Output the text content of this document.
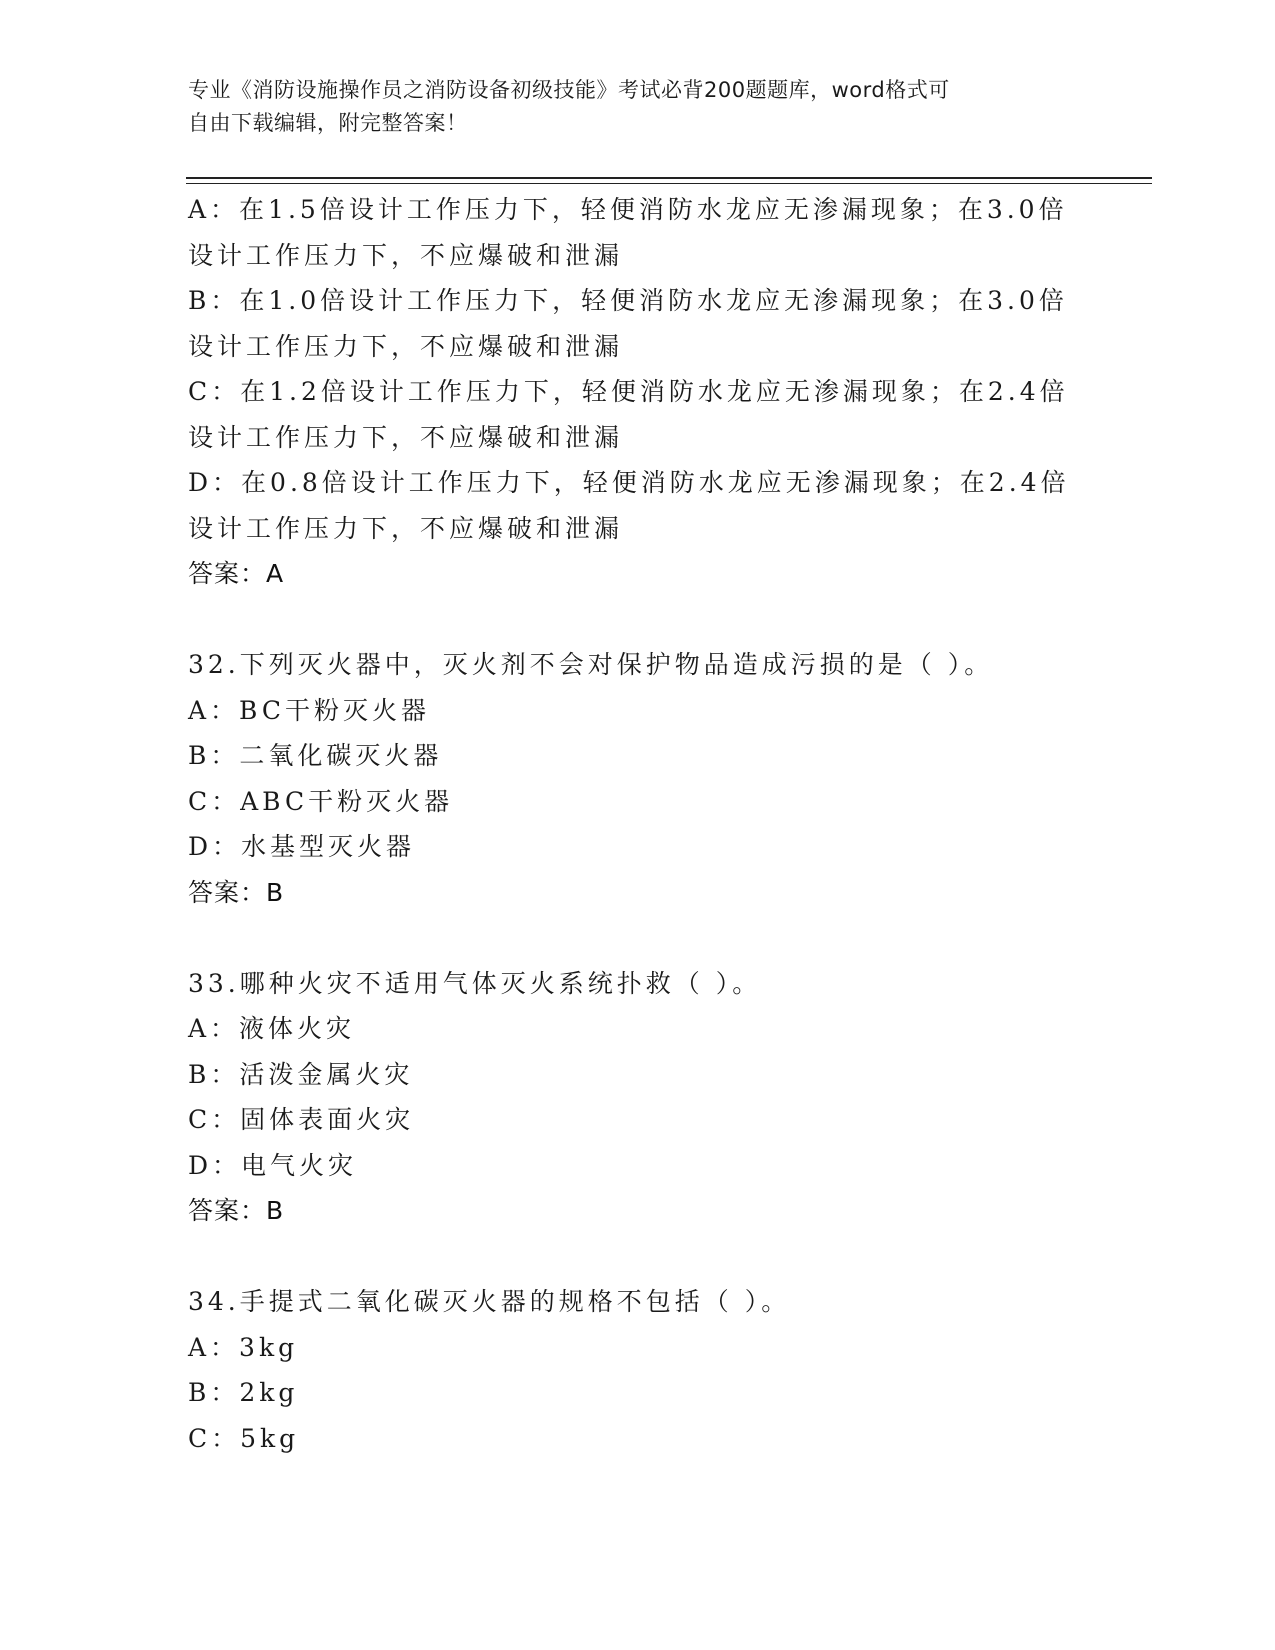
专业《消防设施操作员之消防设备初级技能》考试必背200题题库，word格式可
自由下载编辑，附完整答案！
A：在1.5倍设计工作压力下，轻便消防水龙应无渗漏现象；在3.0倍
设计工作压力下，不应爆破和泄漏
B：在1.0倍设计工作压力下，轻便消防水龙应无渗漏现象；在3.0倍
设计工作压力下，不应爆破和泄漏
C：在1.2倍设计工作压力下，轻便消防水龙应无渗漏现象；在2.4倍
设计工作压力下，不应爆破和泄漏
D：在0.8倍设计工作压力下，轻便消防水龙应无渗漏现象；在2.4倍
设计工作压力下，不应爆破和泄漏
答案：A
32.下列灭火器中，灭火剂不会对保护物品造成污损的是（ ）。
A：BC干粉灭火器
B：二氧化碳灭火器
C：ABC干粉灭火器
D：水基型灭火器
答案：B
33.哪种火灾不适用气体灭火系统扑救（ ）。
A：液体火灾
B：活泼金属火灾
C：固体表面火灾
D：电气火灾
答案：B
34.手提式二氧化碳灭火器的规格不包括（ ）。
A：3kg
B：2kg
C：5kg
